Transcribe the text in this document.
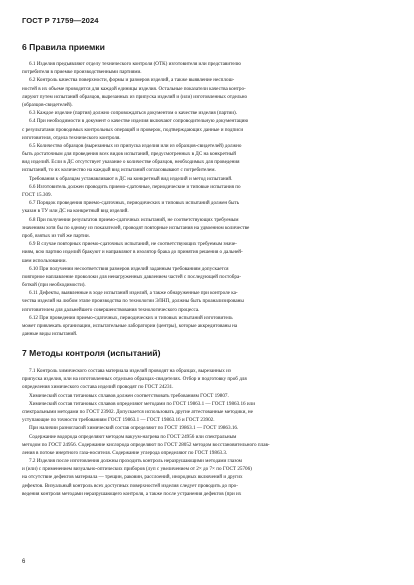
ГОСТ Р 71759—2024
6 Правила приемки
6.1 Изделия предъявляют отделу технического контроля (ОТК) изготовителя или представителю
потребителя в приемке производственными партиями.
6.2 Контроль качества поверхности, формы и размеров изделий, а также выявление несплош-
ностей в их объеме проводится для каждой единицы изделия. Остальные показатели качества контро-
лируют путем испытаний образцов, вырезанных из припуска изделий и (или) изготовленных отдельно
(образцов-свидетелей).
6.3 Каждое изделие (партия) должно сопровождаться документом о качестве изделия (партии).
6.4 При необходимости в документ о качестве изделия включают сопроводительную документацию
с результатами проводимых контрольных операций и проверок, подтверждающих данные и подписи
изготовителя, отдела технического контроля.
6.5 Количество образцов (вырезанных из припуска изделия или из образцов-свидетелей) должно
быть достаточным для проведения всех видов испытаний, предусмотренных в ДС на конкретный
вид изделий. Если в ДС отсутствует указание о количестве образцов, необходимых для проведения
испытаний, то их количество на каждый вид испытаний согласовывают с потребителем.
Требования к образцам устанавливают в ДС на конкретный вид изделий и метод испытаний.
6.6 Изготовитель должен проводить приемо-сдаточные, периодические и типовые испытания по
ГОСТ 15.309.
6.7 Порядок проведения приемо-сдаточных, периодических и типовых испытаний должен быть
указан в ТУ или ДС на конкретный вид изделий.
6.8 При получении результатов приемо-сдаточных испытаний, не соответствующих требуемым
значениям хотя бы по одному из показателей, проводят повторные испытания на удвоенном количестве
проб, взятых из той же партии.
6.9 В случае повторных приемо-сдаточных испытаний, не соответствующих требуемым значе-
ниям, всю партию изделий бракуют и направляют в изолятор брака до принятия решения о дальней-
шем использовании.
6.10 При получении несоответствия размеров изделий заданным требованиям допускается
повторное наплавление проволоки для ненагруженных давлением частей с последующей постобра-
боткой (при необходимости).
6.11 Дефекты, выявленные в ходе испытаний изделий, а также обнаруженные при контроле ка-
чества изделий на любом этапе производства по технологии ЭЛНП, должны быть проанализированы
изготовителем для дальнейшего совершенствования технологического процесса.
6.12 При проведении приемо-сдаточных, периодических и типовых испытаний изготовитель
может привлекать организации, испытательные лаборатории (центры), которые аккредитованы на
данные виды испытаний.
7 Методы контроля (испытаний)
7.1 Контроль химического состава материала изделий проводят на образцах, вырезанных из
припуска изделия, или на изготовленных отдельно образцах-свидетелях. Отбор и подготовку проб для
определения химического состава изделий проводят по ГОСТ 24231.
Химический состав титановых сплавов должен соответствовать требованиям ГОСТ 19807.
Химический состав титановых сплавов определяют методами по ГОСТ 19863.1 — ГОСТ 19863.16 или
спектральными методами по ГОСТ 23902. Допускается использовать другие аттестованные методики, не
уступающие по точности требованиям ГОСТ 19863.1 — ГОСТ 19863.16 и ГОСТ 23902.
При наличии разногласий химический состав определяют по ГОСТ 19863.1 — ГОСТ 19863.16.
Содержание водорода определяют методом вакуум-нагрева по ГОСТ 24956 или спектральным
методом по ГОСТ 24956. Содержание кислорода определяют по ГОСТ 28052 методом восстановительного плав-
ления в потоке инертного газа-носителя. Содержание углерода определяют по ГОСТ 19863.3.
7.2 Изделия после изготовления должны проходить контроль неразрушающими методами глазом
и (или) с применением визуально-оптических приборов (луп с увеличением от 2× до 7× по ГОСТ 25706)
на отсутствие дефектов материала — трещин, раковин, расслоений, инородных включений и других
дефектов. Визуальный контроль всех доступных поверхностей изделия следует проводить до про-
ведения контроля методами неразрушающего контроля, а также после устранения дефектов (при их
6
